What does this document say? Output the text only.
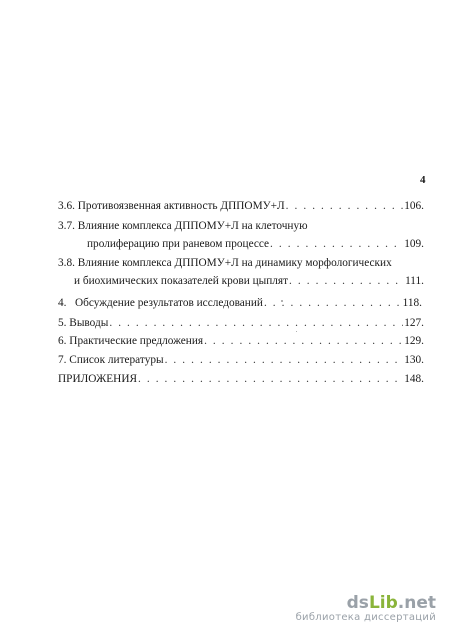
4
3.6. Противоязвенная активность ДППОМУ+Л . . .	106.
3.7. Влияние комплекса ДППОМУ+Л на клеточную
пролиферацию при раневом процессе . . .	109.
3.8. Влияние комплекса ДППОМУ+Л на динамику морфологических
и биохимических показателей крови цыплят . . .	111.
4.   Обсуждение результатов исследований . . .	118.
5. Выводы . . .	127.
6. Практические предложения . . .	129.
7. Список литературы . . .	130.
ПРИЛОЖЕНИЯ . . .	148.
dsLib.net
библиотека диссертаций
